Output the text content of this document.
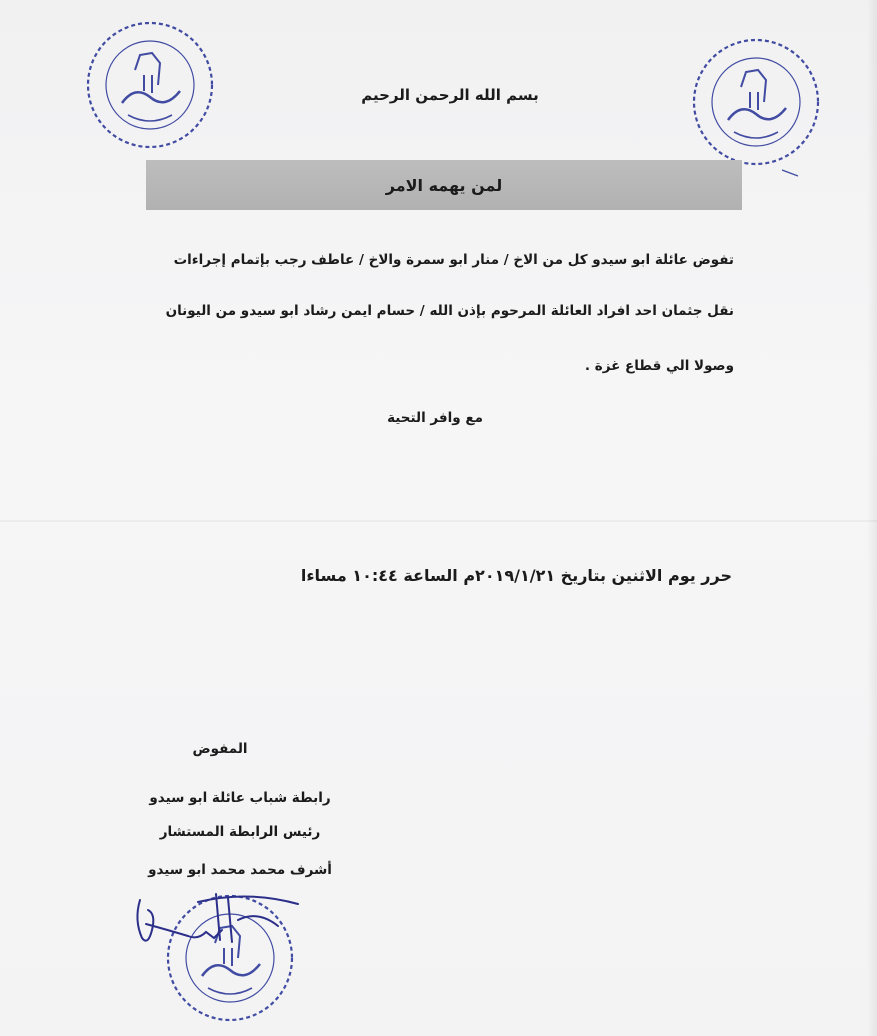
بسم الله الرحمن الرحيم
لمن يهمه الامر
تفوض عائلة ابو سيدو كل من الاخ / منار ابو سمرة والاخ / عاطف رجب بإتمام إجراءات
نقل جثمان احد افراد العائلة المرحوم بإذن الله / حسام ايمن رشاد ابو سيدو من اليونان
وصولا الي قطاع غزة .
مع وافر التحية
حرر يوم الاثنين بتاريخ ٢٠١٩/١/٢١م الساعة ١٠:٤٤ مساءا
المفوض
رابطة شباب عائلة ابو سيدو
رئيس الرابطة المستشار
أشرف محمد محمد ابو سيدو
